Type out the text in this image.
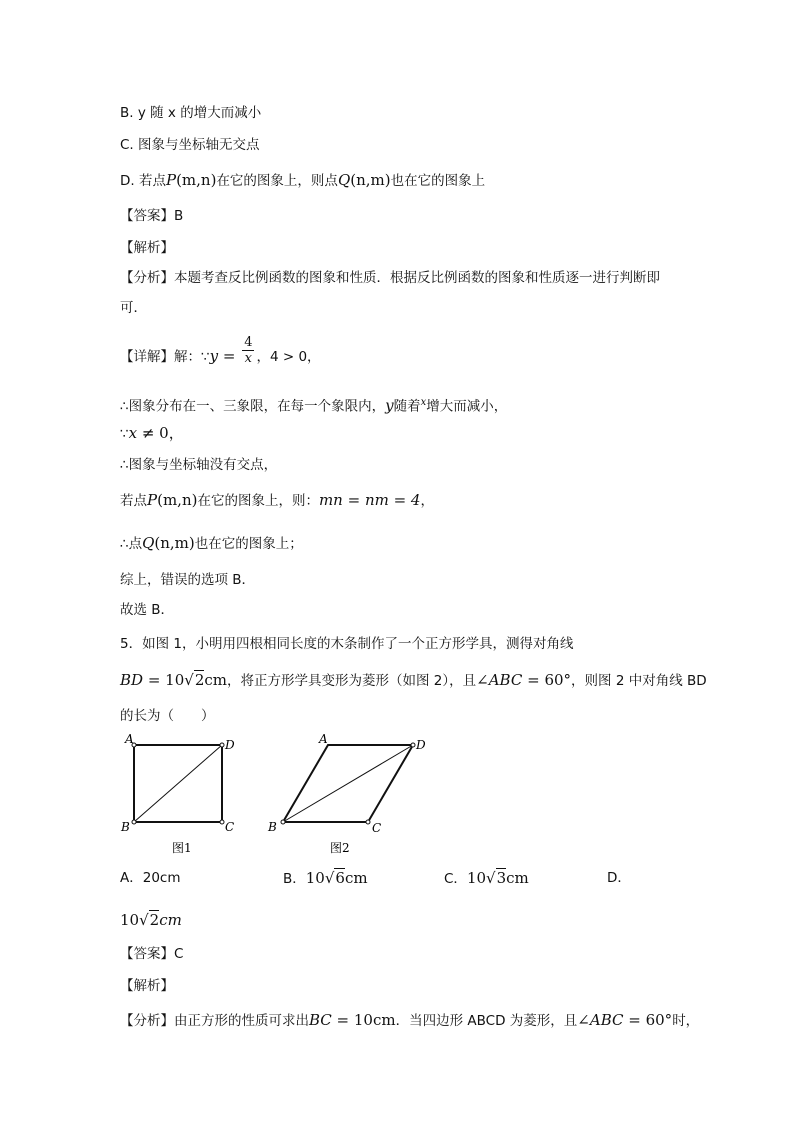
B. y 随 x 的增大而减小
C. 图象与坐标轴无交点
D. 若点P(m,n)在它的图象上，则点Q(n,m)也在它的图象上
【答案】B
【解析】
【分析】本题考查反比例函数的图象和性质．根据反比例函数的图象和性质逐一进行判断即
可．
【详解】解：∵y = $\frac{4}{x}$ ，4 > 0，
∴图象分布在一、三象限，在每一个象限内，y随着$^x$增大而减小，
∵x ≠ 0，
∴图象与坐标轴没有交点，
若点P(m,n)在它的图象上，则：mn = nm = 4，
∴点Q(n,m)也在它的图象上；
综上，错误的选项 B．
故选 B．
5．如图 1，小明用四根相同长度的木条制作了一个正方形学具，测得对角线
BD = 10√2cm，将正方形学具变形为菱形（如图 2），且∠ABC = 60°，则图 2 中对角线 BD
的长为（　　）
A	D
B	C
图1
A	D
B	C
图2
A．20cm	B．10√6cm	C．10√3cm	D．
10√2cm
【答案】C
【解析】
【分析】由正方形的性质可求出BC = 10cm．当四边形 ABCD 为菱形，且∠ABC = 60°时，
